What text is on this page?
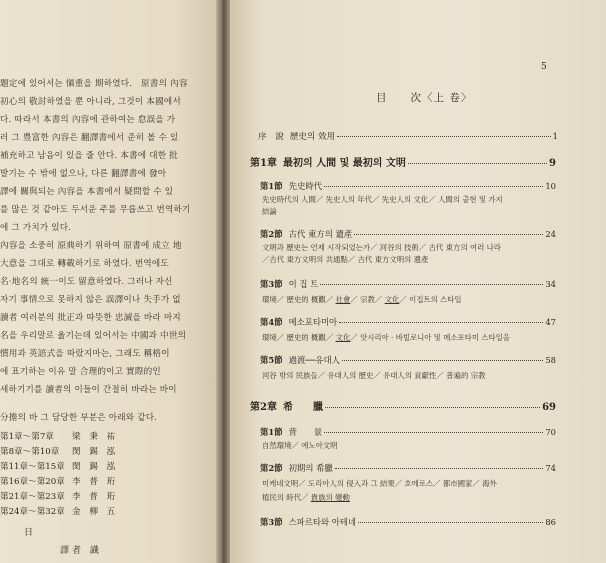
題定에 있어서는 愼重을 期하였다.　原書의 內容
初心의 敬討하였을 뿐 아니라, 그것이 本國에서
다. 따라서 本書의 內容에 관하여는 怠誤을 가
러 그 豊富한 內容은 翻譯書에서 준히 볼 수 있
補充하고 남음이 있을 줄 안다. 本書에 대한 批
발기는 수 밖에 없으나, 다른 翻譯書에 發아
譯에 關與되는 內容을 本書에서 疑問할 수 있
를 많은 것 같아도 두서운 주를 무릅쓰고 번역하기
에 그 가치가 있다.
內容을 소중히 原典하기 위하여 原書에 成立 地
大意을 그대로 轉載하기로 하였다. 번역에도
名·地名의 統一이도 留意하였다. 그러나 자신
자기 事情으로 못하지 않은 誤譯이나 失手가 없
讀者 여러분의 批正과 따뜻한 忠誡을 바라 마지
名을 우리말로 옮기는데 있어서는 中國과 中世의
慣用과 英語式을 따랐지마는, 그래도 稱格이
에 표기하는 이유 말 合理的이고 實際的인
세하기기를 讀者의 이들이 간절히 바라는 바이
分擔의 바 그 담당한 부분은 아래와 같다.
第1章～第7章 梁 秉 祐
第8章～第10章 閔 錫 泓
第11章～第15章 閔 錫 泓
第16章～第20章 李 普 珩
第21章～第23章 李 普 珩
第24章～第32章 金 柳 五
日
譯者 識
5
目　　次〈上 卷〉
序　說 歷史의 效用	1
第1章 最初의 人間 및 最初의 文明	9
第1節 先史時代	10
先史時代의 人間／ 先史人의 年代／ 先史人의 文化／ 人間의 출현 및 가지
結論
第2節 古代 東方의 遺產	24
文明과 歷史는 언제 시작되었는가／ 河谷의 技術／ 古代 東方의 여러 나라
／古代 東方文明의 共通點／ 古代 東方文明의 遺產
第3節 이 집 트	34
環境／ 歷史的 概觀／ 社會／ 宗教／ 文化／ 이집트의 스타일
第4節 메소포타미아	47
環境／ 歷史的 概觀／ 文化／ 앗시리아 · 바빌로니아 및 메소포타미 스타일을
第5節 過渡──유대人	58
河谷 밖의 民族들／ 유대人의 歷史／ 유대人의 貢獻性／ 普遍的 宗教
第2章 希　　臘	69
第1節 背　　景	70
自然環境／ 에노아文明
第2節 初期의 希臘	74
미케네文明／ 도리아人의 侵入과 그 結果／ 호메로스／ 都市國家／ 海外
植民의 時代／ 貴族의 變動
第3節 스파르타와 아테네	86
